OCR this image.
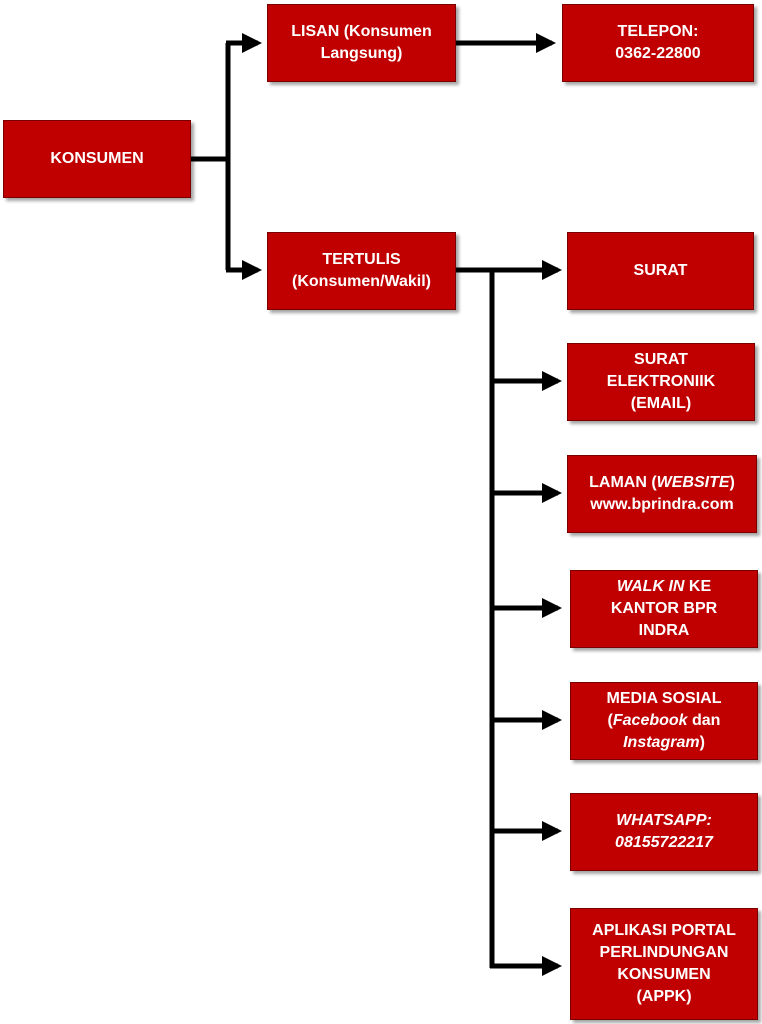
KONSUMEN
LISAN (Konsumen
Langsung)
TELEPON:
0362-22800
TERTULIS
(Konsumen/Wakil)
SURAT
SURAT
ELEKTRONIIK
(EMAIL)
LAMAN (WEBSITE)
www.bprindra.com
WALK IN KE
KANTOR BPR
INDRA
MEDIA SOSIAL
(Facebook dan
Instagram)
WHATSAPP:
08155722217
APLIKASI PORTAL
PERLINDUNGAN
KONSUMEN
(APPK)
